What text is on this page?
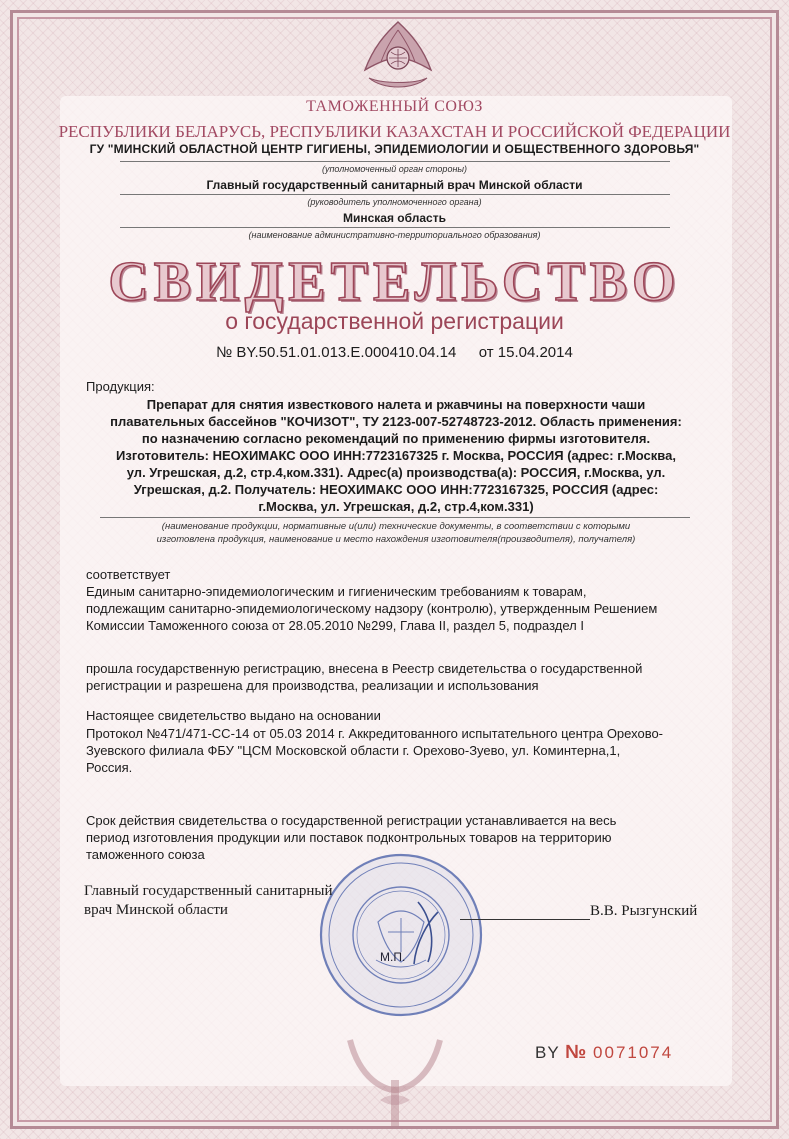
ТАМОЖЕННЫЙ СОЮЗ
РЕСПУБЛИКИ БЕЛАРУСЬ, РЕСПУБЛИКИ КАЗАХСТАН И РОССИЙСКОЙ ФЕДЕРАЦИИ
ГУ "МИНСКИЙ ОБЛАСТНОЙ ЦЕНТР ГИГИЕНЫ, ЭПИДЕМИОЛОГИИ И ОБЩЕСТВЕННОГО ЗДОРОВЬЯ"
(уполномоченный орган стороны)
Главный государственный санитарный врач Минской области
(руководитель уполномоченного органа)
Минская область
(наименование административно-территориального образования)
СВИДЕТЕЛЬСТВО
о государственной регистрации
№ BY.50.51.01.013.E.000410.04.14 от 15.04.2014
Продукция:
Препарат для снятия известкового налета и ржавчины на поверхности чаши
плавательных бассейнов "КОЧИЗОТ", ТУ 2123-007-52748723-2012. Область применения:
по назначению согласно рекомендаций по применению фирмы изготовителя.
Изготовитель: НЕОХИМАКС ООО ИНН:7723167325 г. Москва, РОССИЯ (адрес: г.Москва,
ул. Угрешская, д.2, стр.4,ком.331). Адрес(а) производства(а): РОССИЯ, г.Москва, ул.
Угрешская, д.2. Получатель: НЕОХИМАКС ООО ИНН:7723167325, РОССИЯ (адрес:
г.Москва, ул. Угрешская, д.2, стр.4,ком.331)
(наименование продукции, нормативные и(или) технические документы, в соответствии с которыми
изготовлена продукция, наименование и место нахождения изготовителя(производителя), получателя)
соответствует
Единым санитарно-эпидемиологическим и гигиеническим требованиям к товарам,
подлежащим санитарно-эпидемиологическому надзору (контролю), утвержденным Решением
Комиссии Таможенного союза от 28.05.2010 №299, Глава II, раздел 5, подраздел I
прошла государственную регистрацию, внесена в Реестр свидетельства о государственной
регистрации и разрешена для производства, реализации и использования
Настоящее свидетельство выдано на основании
Протокол №471/471-СС-14 от 05.03 2014 г. Аккредитованного испытательного центра Орехово-
Зуевского филиала ФБУ "ЦСМ Московской области г. Орехово-Зуево, ул. Коминтерна,1,
Россия.
Срок действия свидетельства о государственной регистрации устанавливается на весь
период изготовления продукции или поставок подконтрольных товаров на территорию
таможенного союза
Главный государственный санитарный
врач Минской области	В.В. Рызгунский
М.П.
BY № 0071074
